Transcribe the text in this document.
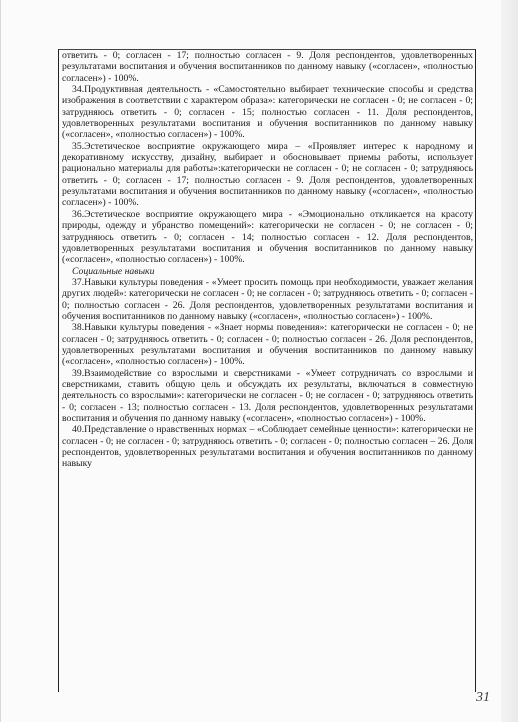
ответить - 0; согласен - 17; полностью согласен - 9. Доля респондентов, удовлетворенных результатами воспитания и обучения воспитанников по данному навыку («согласен», «полностью согласен») - 100%.

34.Продуктивная деятельность - «Самостоятельно выбирает технические способы и средства изображения в соответствии с характером образа»: категорически не согласен - 0; не согласен - 0; затрудняюсь ответить - 0; согласен - 15; полностью согласен - 11. Доля респондентов, удовлетворенных результатами воспитания и обучения воспитанников по данному навыку («согласен», «полностью согласен») - 100%.

35.Эстетическое восприятие окружающего мира – «Проявляет интерес к народному и декоративному искусству, дизайну, выбирает и обосновывает приемы работы, использует рационально материалы для работы»:категорически не согласен - 0; не согласен - 0; затрудняюсь ответить - 0; согласен - 17; полностью согласен - 9. Доля респондентов, удовлетворенных результатами воспитания и обучения воспитанников по данному навыку («согласен», «полностью согласен») - 100%.

36.Эстетическое восприятие окружающего мира - «Эмоционально откликается на красоту природы, одежду и убранство помещений»: категорически не согласен - 0; не согласен - 0; затрудняюсь ответить - 0; согласен - 14; полностью согласен - 12. Доля респондентов, удовлетворенных результатами воспитания и обучения воспитанников по данному навыку («согласен», «полностью согласен») - 100%.

Социальные навыки

37.Навыки культуры поведения - «Умеет просить помощь при необходимости, уважает желания других людей»: категорически не согласен - 0; не согласен - 0; затрудняюсь ответить - 0; согласен - 0; полностью согласен - 26. Доля респондентов, удовлетворенных результатами воспитания и обучения воспитанников по данному навыку («согласен», «полностью согласен») - 100%.

38.Навыки культуры поведения - «Знает нормы поведения»: категорически не согласен - 0; не согласен - 0; затрудняюсь ответить - 0; согласен - 0; полностью согласен - 26. Доля респондентов, удовлетворенных результатами воспитания и обучения воспитанников по данному навыку («согласен», «полностью согласен») - 100%.

39.Взаимодействие со взрослыми и сверстниками - «Умеет сотрудничать со взрослыми и сверстниками, ставить общую цель и обсуждать их результаты, включаться в совместную деятельность со взрослыми»: категорически не согласен - 0; не согласен - 0; затрудняюсь ответить - 0; согласен - 13; полностью согласен - 13. Доля респондентов, удовлетворенных результатами воспитания и обучения по данному навыку («согласен», «полностью согласен») - 100%.

40.Представление о нравственных нормах – «Соблюдает семейные ценности»: категорически не согласен - 0; не согласен - 0; затрудняюсь ответить - 0; согласен - 0; полностью согласен – 26. Доля респондентов, удовлетворенных результатами воспитания и обучения воспитанников по данному навыку

31
